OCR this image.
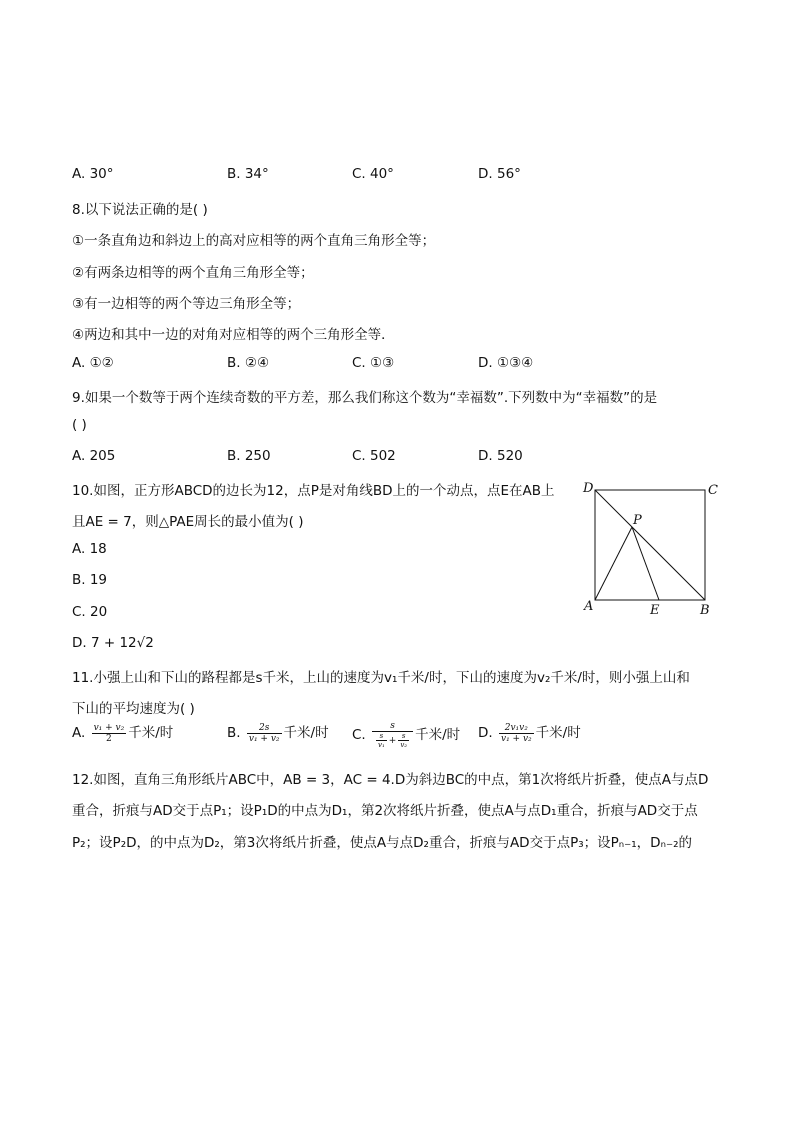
A. 30°	B. 34°	C. 40°	D. 56°
8.以下说法正确的是( )
①一条直角边和斜边上的高对应相等的两个直角三角形全等；
②有两条边相等的两个直角三角形全等；
③有一边相等的两个等边三角形全等；
④两边和其中一边的对角对应相等的两个三角形全等．
A. ①②	B. ②④	C. ①③	D. ①③④
9.如果一个数等于两个连续奇数的平方差，那么我们称这个数为“幸福数”.下列数中为“幸福数”的是
( )
A. 205	B. 250	C. 502	D. 520
10.如图，正方形ABCD的边长为12，点P是对角线BD上的一个动点，点E在AB上
且AE = 7，则△PAE周长的最小值为( )
A. 18
B. 19
C. 20
D. 7 + 12√2
D	C
P
A	E	B
11.小强上山和下山的路程都是s千米，上山的速度为v₁千米/时，下山的速度为v₂千米/时，则小强上山和
下山的平均速度为( )
A. $\frac{\text{v₁ + v₂}}{2}$ 千米/时	B. $\frac{2s}{\text{v₁ + v₂}}$ 千米/时 C. $\frac{s}{\frac{s}{\text{v₁}} + \frac{s}{\text{v₂}}}$ 千米/时 D. $\frac{\text{2v₁v₂}}{\text{v₁ + v₂}}$ 千米/时
12.如图，直角三角形纸片ABC中，AB = 3，AC = 4.D为斜边BC的中点，第1次将纸片折叠，使点A与点D
重合，折痕与AD交于点P₁；设P₁D的中点为D₁，第2次将纸片折叠，使点A与点D₁重合，折痕与AD交于点
P₂；设P₂D，的中点为D₂，第3次将纸片折叠，使点A与点D₂重合，折痕与AD交于点P₃；设Pₙ₋₁，Dₙ₋₂的
